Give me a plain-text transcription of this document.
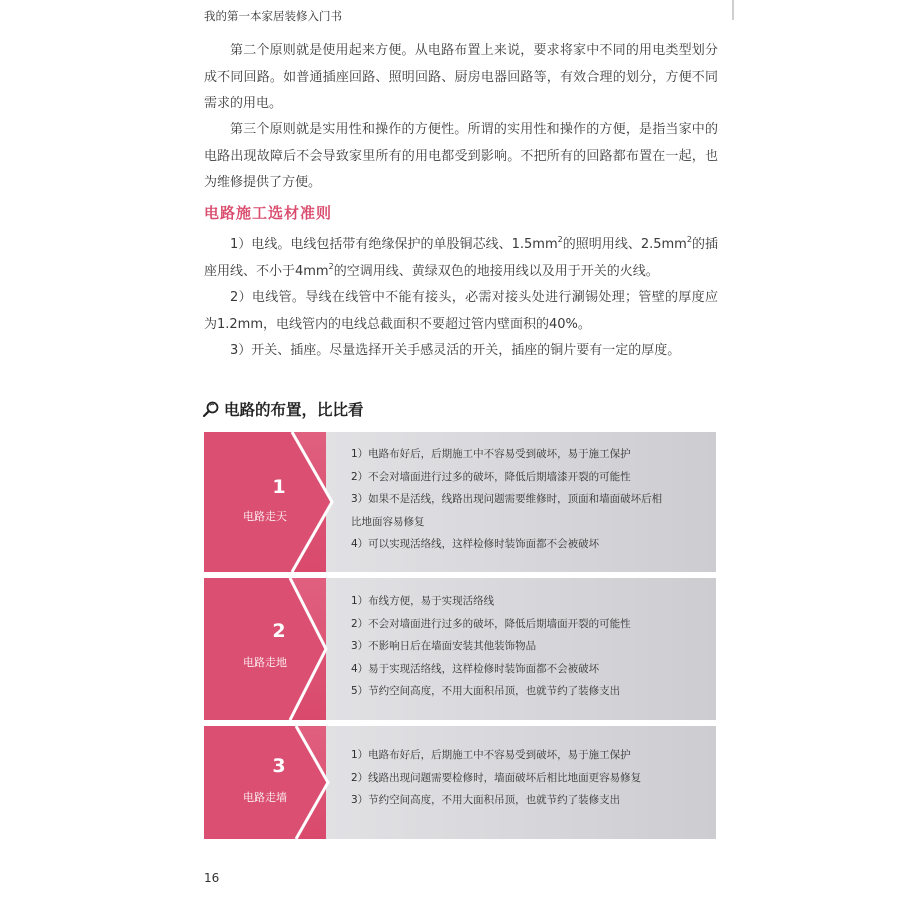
我的第一本家居装修入门书

第二个原则就是使用起来方便。从电路布置上来说，要求将家中不同的用电类型划分成不同回路。如普通插座回路、照明回路、厨房电器回路等，有效合理的划分，方便不同需求的用电。

第三个原则就是实用性和操作的方便性。所谓的实用性和操作的方便，是指当家中的电路出现故障后不会导致家里所有的用电都受到影响。不把所有的回路都布置在一起，也为维修提供了方便。

电路施工选材准则

1）电线。电线包括带有绝缘保护的单股铜芯线、$1.5mm^2$的照明用线、$2.5mm^2$的插座用线、不小于$4mm^2$的空调用线、黄绿双色的地接用线以及用于开关的火线。

2）电线管。导线在线管中不能有接头，必需对接头处进行涮锡处理；管壁的厚度应为1.2mm，电线管内的电线总截面积不要超过管内壁面积的40%。

3）开关、插座。尽量选择开关手感灵活的开关，插座的铜片要有一定的厚度。

电路的布置，比比看
1
电路走天
1）电路布好后，后期施工中不容易受到破坏，易于施工保护
2）不会对墙面进行过多的破坏，降低后期墙漆开裂的可能性
3）如果不是活线，线路出现问题需要维修时，顶面和墙面破坏后相
比地面容易修复
4）可以实现活络线，这样检修时装饰面都不会被破坏
2
电路走地
1）布线方便，易于实现活络线
2）不会对墙面进行过多的破坏，降低后期墙面开裂的可能性
3）不影响日后在墙面安装其他装饰物品
4）易于实现活络线，这样检修时装饰面都不会被破坏
5）节约空间高度，不用大面积吊顶，也就节约了装修支出
3
电路走墙
1）电路布好后，后期施工中不容易受到破坏，易于施工保护
2）线路出现问题需要检修时，墙面破坏后相比地面更容易修复
3）节约空间高度，不用大面积吊顶，也就节约了装修支出
16
